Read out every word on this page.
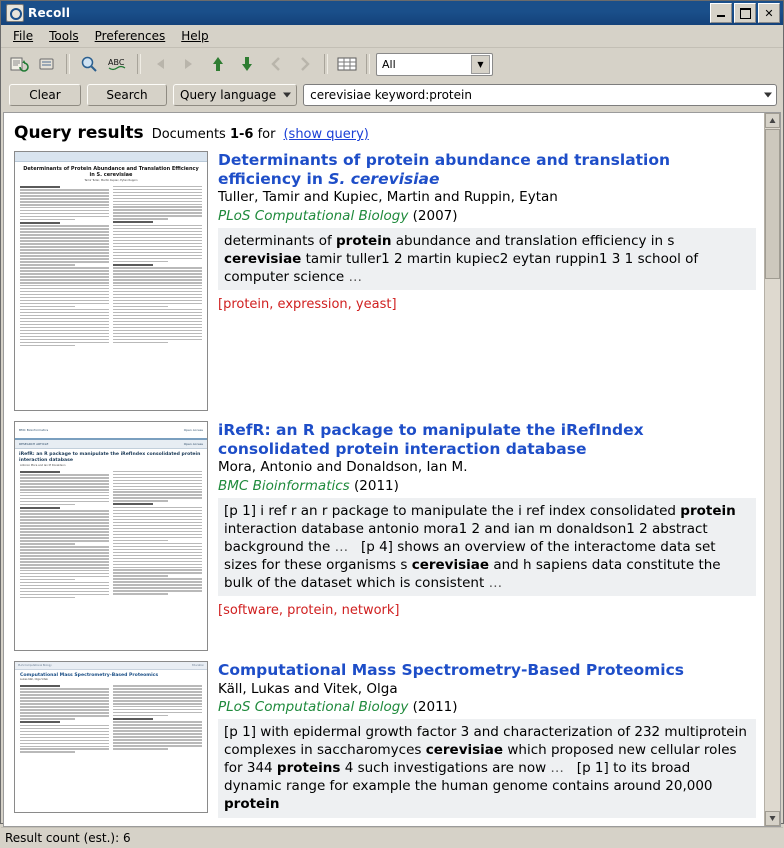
Recoll	✕
File	Tools	Preferences	Help
ABC	All	▼
Clear	Search	Query language	cerevisiae keyword:protein
Query results Documents 1-6 for (show query)
Determinants of Protein Abundance and Translation Efficiency in S. cerevisiae
Tamir Tuller, Martin Kupiec, Eytan Ruppin
Determinants of protein abundance and translation efficiency in S. cerevisiae
Tuller, Tamir and Kupiec, Martin and Ruppin, Eytan
PLoS Computational Biology (2007)
determinants of protein abundance and translation efficiency in s cerevisiae tamir tuller1 2 martin kupiec2 eytan ruppin1 3 1 school of computer science …
[protein, expression, yeast]
BMC Bioinformatics	Open Access
RESEARCH ARTICLE	Open Access
iRefR: an R package to manipulate the iRefIndex consolidated protein interaction database
Antonio Mora and Ian M Donaldson
iRefR: an R package to manipulate the iRefIndex consolidated protein interaction database
Mora, Antonio and Donaldson, Ian M.
BMC Bioinformatics (2011)
[p 1] i ref r an r package to manipulate the i ref index consolidated protein interaction database antonio mora1 2 and ian m donaldson1 2 abstract background the …   [p 4] shows an overview of the interactome data set sizes for these organisms s cerevisiae and h sapiens data constitute the bulk of the dataset which is consistent …
[software, protein, network]
PLoS Computational Biology	Education
Computational Mass Spectrometry-Based Proteomics
Lukas Käll, Olga Vitek
Computational Mass Spectrometry-Based Proteomics
Käll, Lukas and Vitek, Olga
PLoS Computational Biology (2011)
[p 1] with epidermal growth factor 3 and characterization of 232 multiprotein complexes in saccharomyces cerevisiae which proposed new cellular roles for 344 proteins 4 such investigations are now …   [p 1] to its broad dynamic range for example the human genome contains around 20,000 protein
Result count (est.): 6
